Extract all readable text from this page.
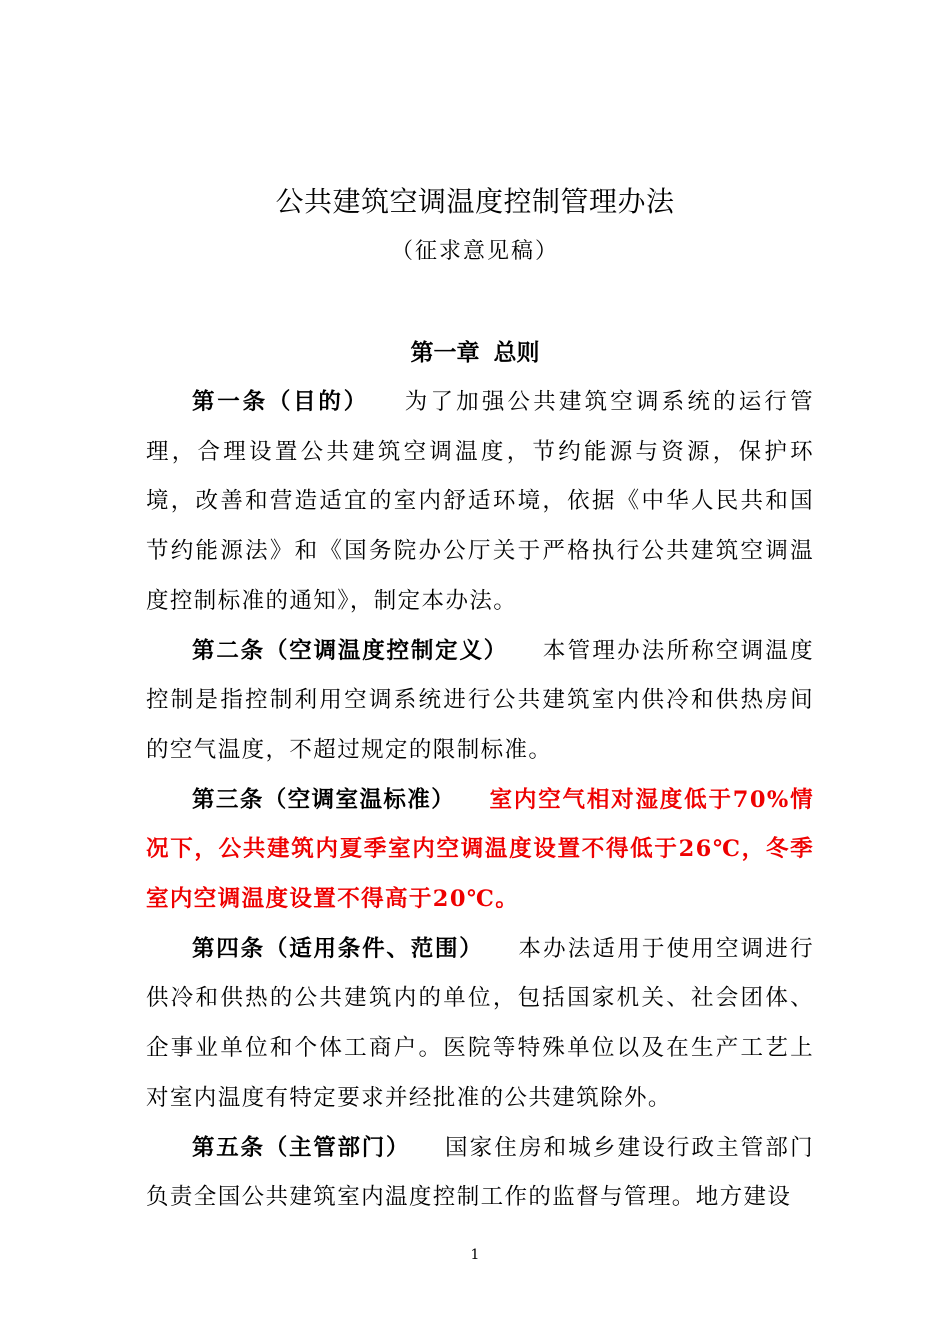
公共建筑空调温度控制管理办法
（征求意见稿）
第一章 总则

第一条（目的） 为了加强公共建筑空调系统的运行管理，合理设置公共建筑空调温度，节约能源与资源，保护环境，改善和营造适宜的室内舒适环境，依据《中华人民共和国节约能源法》和《国务院办公厅关于严格执行公共建筑空调温度控制标准的通知》，制定本办法。

第二条（空调温度控制定义） 本管理办法所称空调温度控制是指控制利用空调系统进行公共建筑室内供冷和供热房间的空气温度，不超过规定的限制标准。

第三条（空调室温标准） 室内空气相对湿度低于70%情况下，公共建筑内夏季室内空调温度设置不得低于26℃，冬季室内空调温度设置不得高于20℃。

第四条（适用条件、范围） 本办法适用于使用空调进行供冷和供热的公共建筑内的单位，包括国家机关、社会团体、企事业单位和个体工商户。医院等特殊单位以及在生产工艺上对室内温度有特定要求并经批准的公共建筑除外。

第五条（主管部门） 国家住房和城乡建设行政主管部门负责全国公共建筑室内温度控制工作的监督与管理。地方建设

1
